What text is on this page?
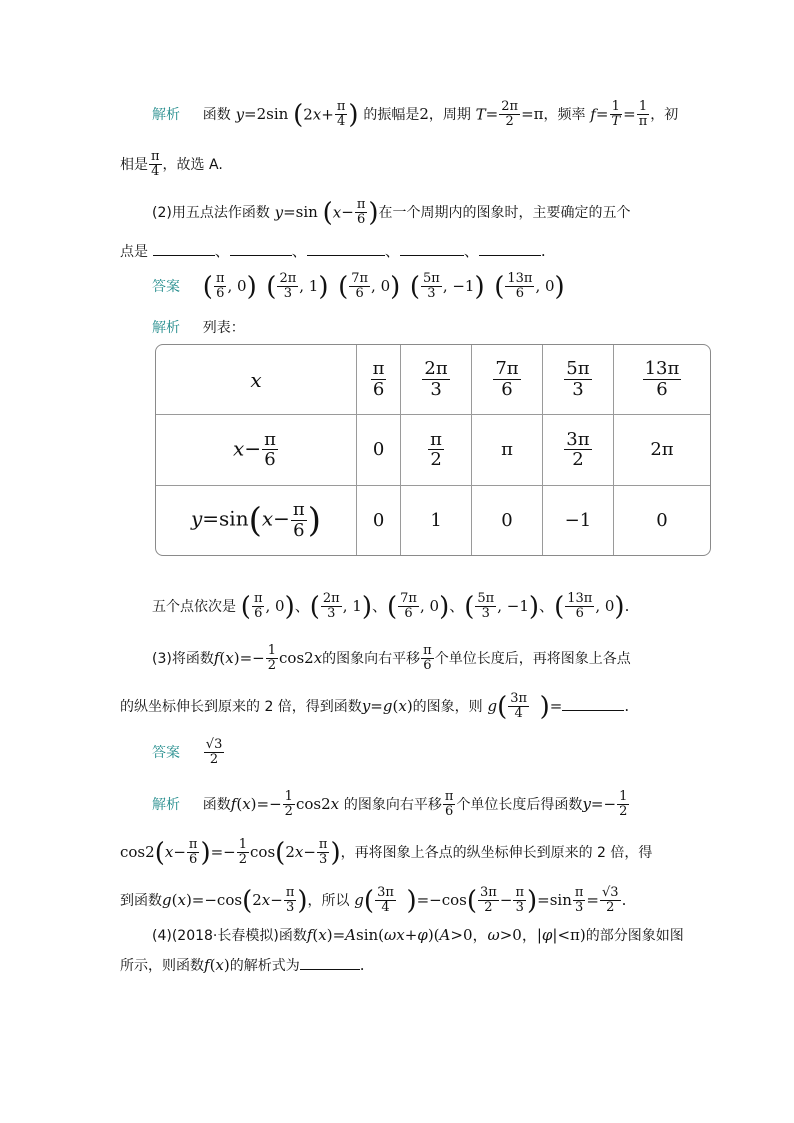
解析 函数 y=2sin ($2x+ \frac{\pi}{4}$ ) 的振幅是2，周期 $T= \frac{2\pi}{2} =\pi$，频率 $f= \frac{1}{T} = \frac{1}{\pi}$ ，初
相是 $\frac{\pi}{4}$ ，故选 A.
(2)用五点法作函数 y=sin ($x- \frac{\pi}{6}$ )在一个周期内的图象时，主要确定的五个
点是	、	、	、	、	.
答案 ( $\frac{\pi}{6}$ , 0) ( $\frac{2\pi}{3}$ , 1) ( $\frac{7\pi}{6}$ , 0) ( $\frac{5\pi}{3}$ , −1) ( $\frac{13\pi}{6}$ , 0)
解析 列表：
x	$\frac{\pi}{6}$	$\frac{2\pi}{3}$	$\frac{7\pi}{6}$	$\frac{5\pi}{3}$	$\frac{13\pi}{6}$

$x- \frac{\pi}{6}$	0	$\frac{\pi}{2}$	π	$\frac{3\pi}{2}$	2π
$y=\sin(x- \frac{\pi}{6}$ )	0	1	0	−1	0
五个点依次是 ( $\frac{\pi}{6}$ , 0)、( $\frac{2\pi}{3}$ , 1)、( $\frac{7\pi}{6}$ , 0)、( $\frac{5\pi}{3}$ , −1)、( $\frac{13\pi}{6}$ , 0).
(3)将函数$f(x)=- \frac{1}{2} \cos 2x$的图象向右平移 $\frac{\pi}{6}$ 个单位长度后，再将图象上各点
的纵坐标伸长到原来的 2 倍，得到函数y=g(x)的图象，则 $g( \frac{3\pi}{4}$ )=	.
答案 $\frac{√3}{2}$
解析 函数$f(x)=- \frac{1}{2} \cos 2x$ 的图象向右平移 $\frac{\pi}{6}$ 个单位长度后得函数$y=- \frac{1}{2}$
$\cos 2(x- \frac{\pi}{6}$ )=− $\frac{1}{2} \cos(2x- \frac{\pi}{3}$ )，再将图象上各点的纵坐标伸长到原来的 2 倍，得
到函数$g(x)=-\cos(2x- \frac{\pi}{3}$ )，所以 $g( \frac{3\pi}{4} )=-\cos( \frac{3\pi}{2} - \frac{\pi}{3} )=\sin \frac{\pi}{3} = \frac{√3}{2}$ .
(4)(2018·长春模拟)函数f(x)=Asin(ωx+φ)(A>0，ω>0，|φ|<π)的部分图象如图
所示，则函数f(x)的解析式为	.
